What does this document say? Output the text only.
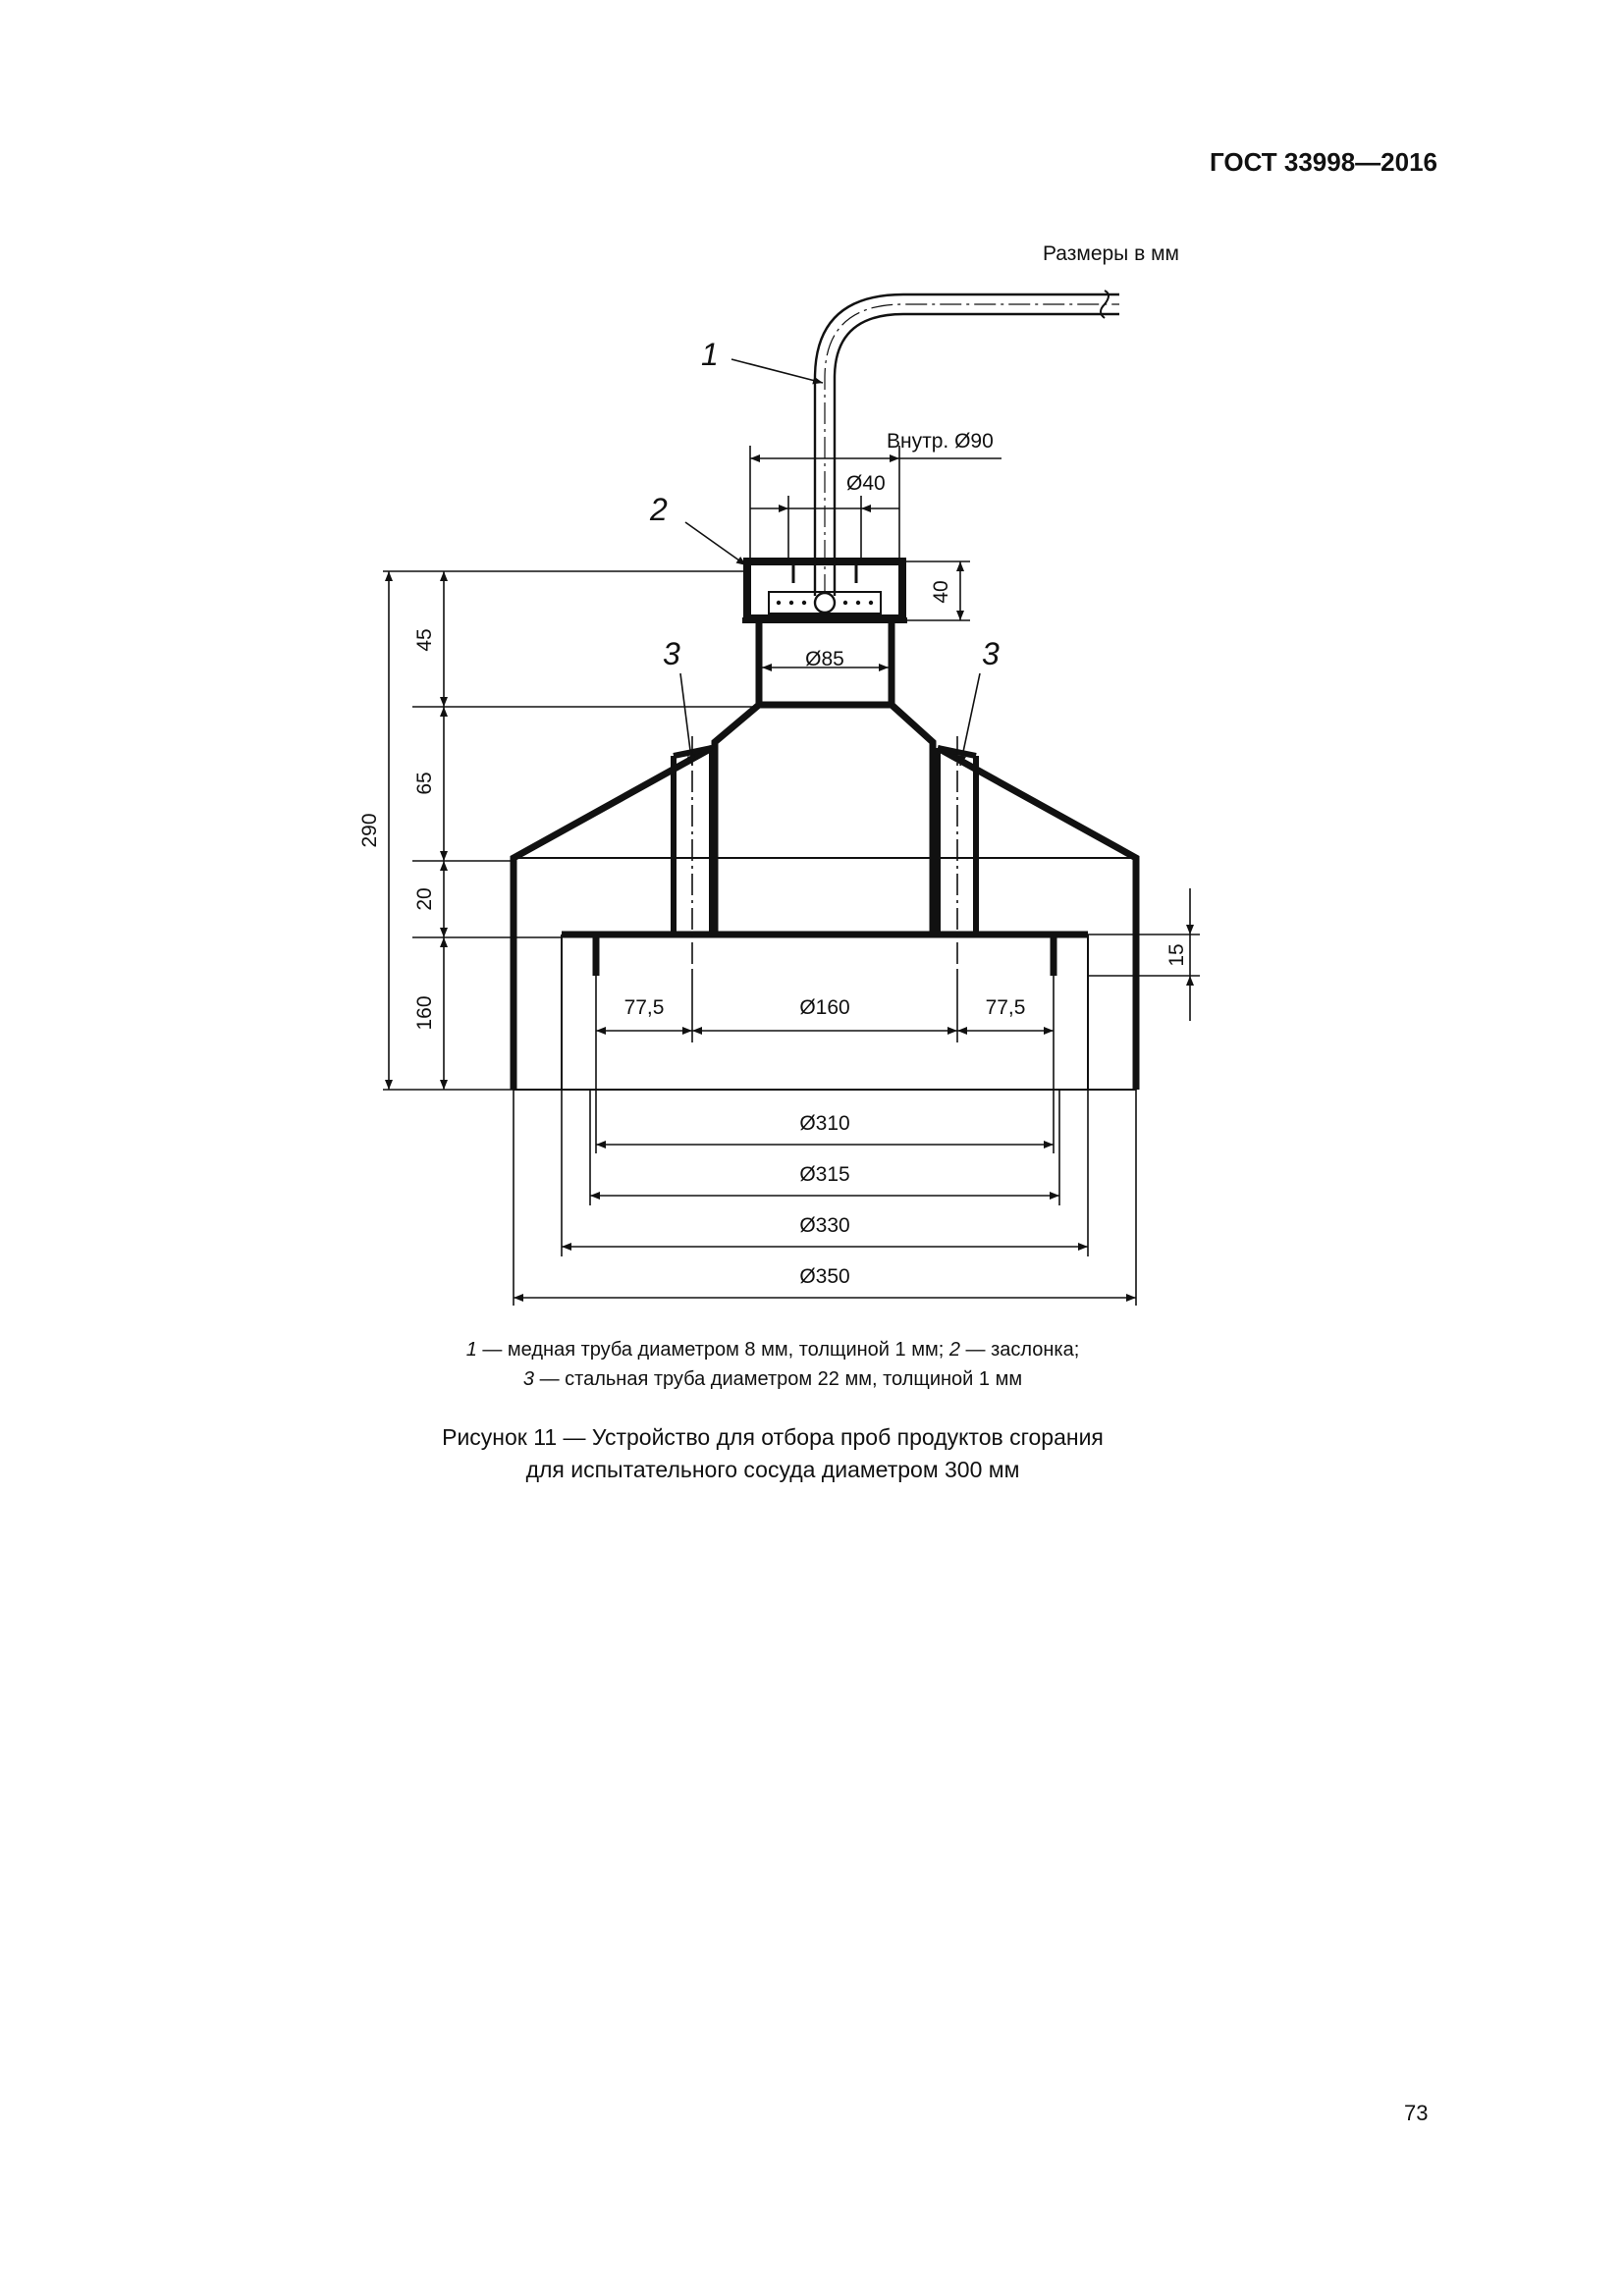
ГОСТ 33998—2016
Размеры в мм
1
2
3	3
Внутр. Ø90
Ø40
40
Ø85
290
45
65
20
160
15
77,5	Ø160	77,5
Ø310
Ø315
Ø330
Ø350
1 — медная труба диаметром 8 мм, толщиной 1 мм; 2 — заслонка;
3 — стальная труба диаметром 22 мм, толщиной 1 мм
Рисунок 11 — Устройство для отбора проб продуктов сгорания
для испытательного сосуда диаметром 300 мм
73
